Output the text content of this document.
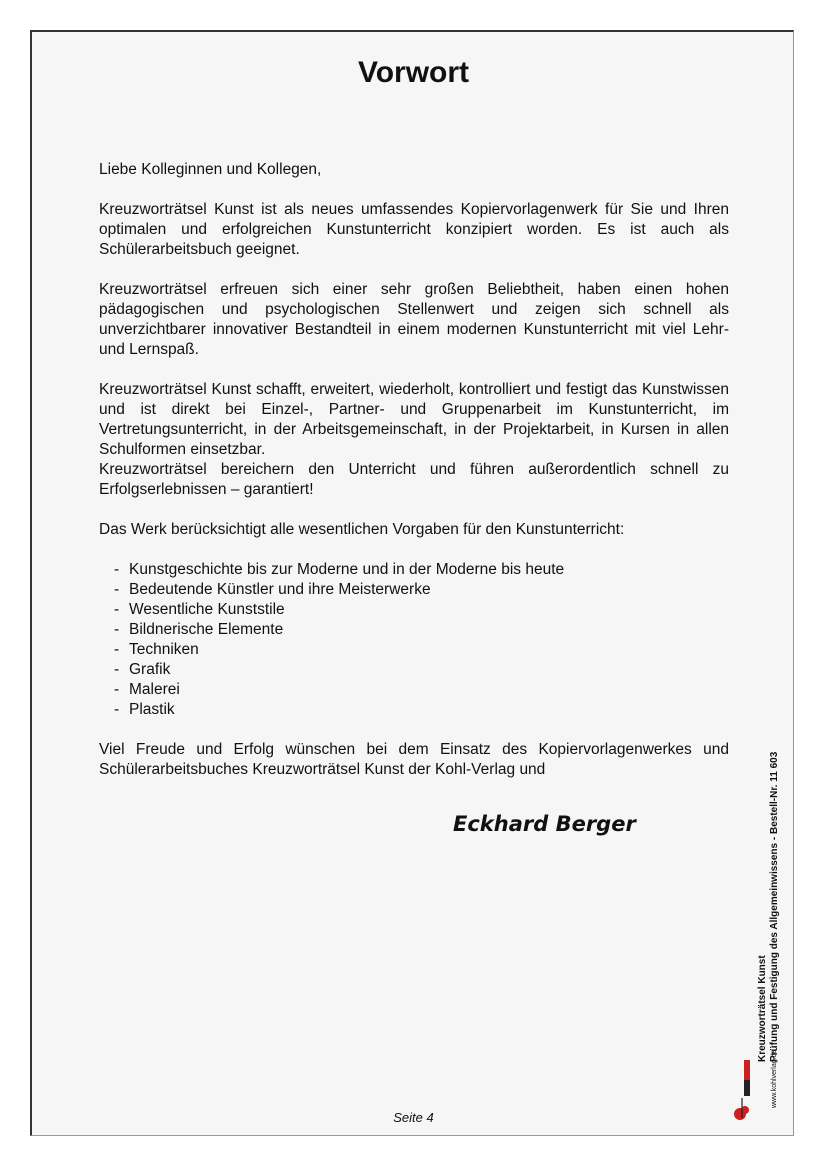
Vorwort

Liebe Kolleginnen und Kollegen,

Kreuzworträtsel Kunst ist als neues umfassendes Kopiervorlagenwerk für Sie und Ihren optimalen und erfolgreichen Kunstunterricht konzipiert worden. Es ist auch als Schülerarbeitsbuch geeignet.

Kreuzworträtsel erfreuen sich einer sehr großen Beliebtheit, haben einen hohen pädagogischen und psychologischen Stellenwert und zeigen sich schnell als unverzichtbarer innovativer Bestandteil in einem modernen Kunstunterricht mit viel Lehr- und Lernspaß.

Kreuzworträtsel Kunst schafft, erweitert, wiederholt, kontrolliert und festigt das Kunstwissen und ist direkt bei Einzel-, Partner- und Gruppenarbeit im Kunstunterricht, im Vertretungsunterricht, in der Arbeitsgemeinschaft, in der Projektarbeit, in Kursen in allen Schulformen einsetzbar.

Kreuzworträtsel bereichern den Unterricht und führen außerordentlich schnell zu Erfolgserlebnissen – garantiert!

Das Werk berücksichtigt alle wesentlichen Vorgaben für den Kunstunterricht:

- Kunstgeschichte bis zur Moderne und in der Moderne bis heute
- Bedeutende Künstler und ihre Meisterwerke
- Wesentliche Kunststile
- Bildnerische Elemente
- Techniken
- Grafik
- Malerei
- Plastik

Viel Freude und Erfolg wünschen bei dem Einsatz des Kopiervorlagenwerkes und Schülerarbeitsbuches Kreuzworträtsel Kunst der Kohl-Verlag und

Eckhard Berger
Seite 4
Kreuzworträtsel Kunst Prüfung und Festigung des Allgemeinwissens - Bestell-Nr. 11 603
www.kohlverlag.de
